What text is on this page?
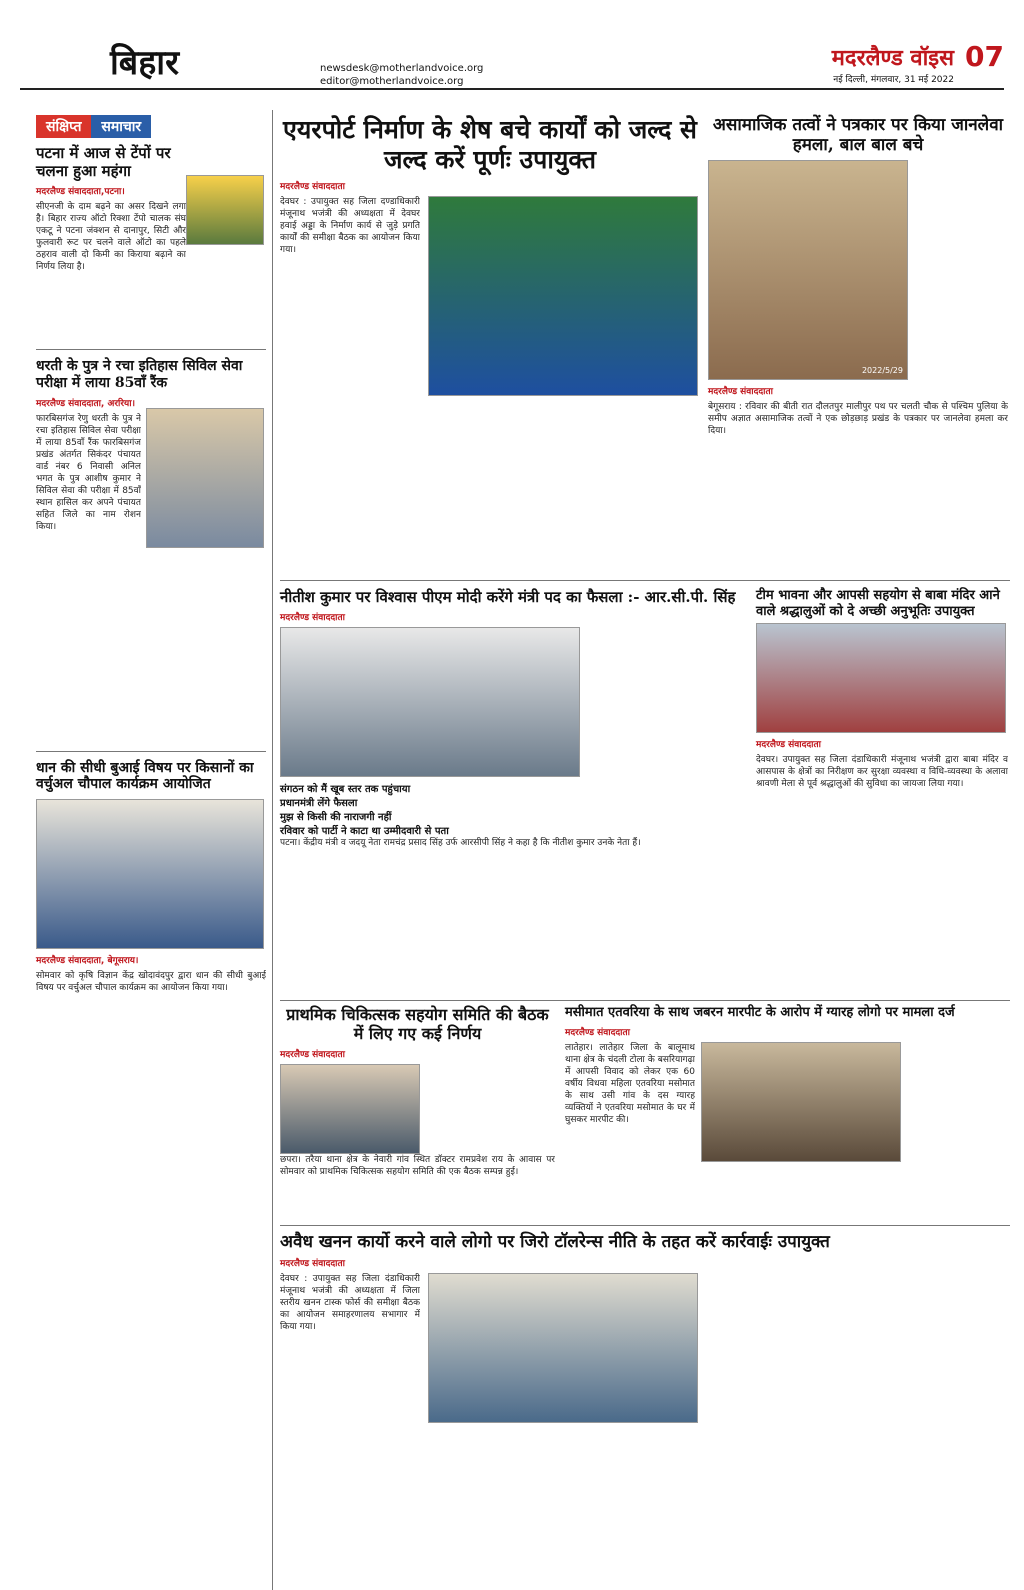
बिहार	newsdesk@motherlandvoice.org
editor@motherlandvoice.org
मदरलैण्ड वॉइस 07
नई दिल्ली, मंगलवार, 31 मई 2022
संक्षिप्त समाचार
पटना में आज से टेंपों पर चलना हुआ महंगा
मदरलैण्ड संवाददाता,पटना।
सीएनजी के दाम बढ़ने का असर दिखने लगा है। बिहार राज्य ऑटो रिक्शा टेंपो चालक संघ एकटू ने पटना जंक्शन से दानापुर, सिटी और फुलवारी रूट पर चलने वाले ऑटो का पहले ठहराव वाली दो किमी का किराया बढ़ाने का निर्णय लिया है।
धरती के पुत्र ने रचा इतिहास सिविल सेवा परीक्षा में लाया 85वाँ रैंक
मदरलैण्ड संवाददाता, अररिया।
फारबिसगंज रेणु धरती के पुत्र ने रचा इतिहास सिविल सेवा परीक्षा में लाया 85वाँ रैंक फारबिसगंज प्रखंड अंतर्गत सिकंदर पंचायत वार्ड नंबर 6 निवासी अनिल भगत के पुत्र आशीष कुमार ने सिविल सेवा की परीक्षा में 85वाँ स्थान हासिल कर अपने पंचायत सहित जिले का नाम रोशन किया।
धान की सीधी बुआई विषय पर किसानों का वर्चुअल चौपाल कार्यक्रम आयोजित
मदरलैण्ड संवाददाता, बेगूसराय।
सोमवार को कृषि विज्ञान केंद्र खोदावंदपुर द्वारा धान की सीधी बुआई विषय पर वर्चुअल चौपाल कार्यक्रम का आयोजन किया गया।
एयरपोर्ट निर्माण के शेष बचे कार्यों को जल्द से जल्द करें पूर्णः उपायुक्त
मदरलैण्ड संवाददाता
देवघर : उपायुक्त सह जिला दण्डाधिकारी मंजूनाथ भजंत्री की अध्यक्षता में देवघर हवाई अड्डा के निर्माण कार्य से जुड़े प्रगति कार्यों की समीक्षा बैठक का आयोजन किया गया।
असामाजिक तत्वों ने पत्रकार पर किया जानलेवा हमला, बाल बाल बचे
2022/5/29
मदरलैण्ड संवाददाता
बेगूसराय : रविवार की बीती रात दौलतपुर मालीपुर पथ पर चलती चौक से पश्चिम पुलिया के समीप अज्ञात असामाजिक तत्वों ने एक छोड़छाड़ प्रखंड के पत्रकार पर जानलेवा हमला कर दिया।
नीतीश कुमार पर विश्वास पीएम मोदी करेंगे मंत्री पद का फैसला :- आर.सी.पी. सिंह
मदरलैण्ड संवाददाता
संगठन को मैं खूब स्तर तक पहुंचाया
प्रधानमंत्री लेंगे फैसला
मुझ से किसी की नाराजगी नहीं
रविवार को पार्टी ने काटा था उम्मीदवारी से पता
पटना। केंद्रीय मंत्री व जदयू नेता रामचंद्र प्रसाद सिंह उर्फ आरसीपी सिंह ने कहा है कि नीतीश कुमार उनके नेता हैं।
टीम भावना और आपसी सहयोग से बाबा मंदिर आने वाले श्रद्धालुओं को दे अच्छी अनुभूतिः उपायुक्त
मदरलैण्ड संवाददाता
देवघर। उपायुक्त सह जिला दंडाधिकारी मंजूनाथ भजंत्री द्वारा बाबा मंदिर व आसपास के क्षेत्रों का निरीक्षण कर सुरक्षा व्यवस्था व विधि-व्यवस्था के अलावा श्रावणी मेला से पूर्व श्रद्धालुओं की सुविधा का जायजा लिया गया।
प्राथमिक चिकित्सक सहयोग समिति की बैठक में लिए गए कई निर्णय
मदरलैण्ड संवाददाता
छपरा। तरैया थाना क्षेत्र के नेवारी गांव स्थित डॉक्टर रामप्रवेश राय के आवास पर सोमवार को प्राथमिक चिकित्सक सहयोग समिति की एक बैठक सम्पन्न हुई।
मसीमात एतवरिया के साथ जबरन मारपीट के आरोप में ग्यारह लोगो पर मामला दर्ज
मदरलैण्ड संवाददाता
लातेहार। लातेहार जिला के बालूमाथ थाना क्षेत्र के चंदली टोला के बसरियागढ़ा में आपसी विवाद को लेकर एक 60 वर्षीय विधवा महिला एतवरिया मसोमात के साथ उसी गांव के दस ग्यारह व्यक्तियों ने एतवरिया मसोमात के घर में घुसकर मारपीट की।
अवैध खनन कार्यो करने वाले लोगो पर जिरो टॉलरेन्स नीति के तहत करें कार्रवाईः उपायुक्त
मदरलैण्ड संवाददाता
देवघर : उपायुक्त सह जिला दंडाधिकारी मंजूनाथ भजंत्री की अध्यक्षता में जिला स्तरीय खनन टास्क फोर्स की समीक्षा बैठक का आयोजन समाहरणालय सभागार में किया गया।
